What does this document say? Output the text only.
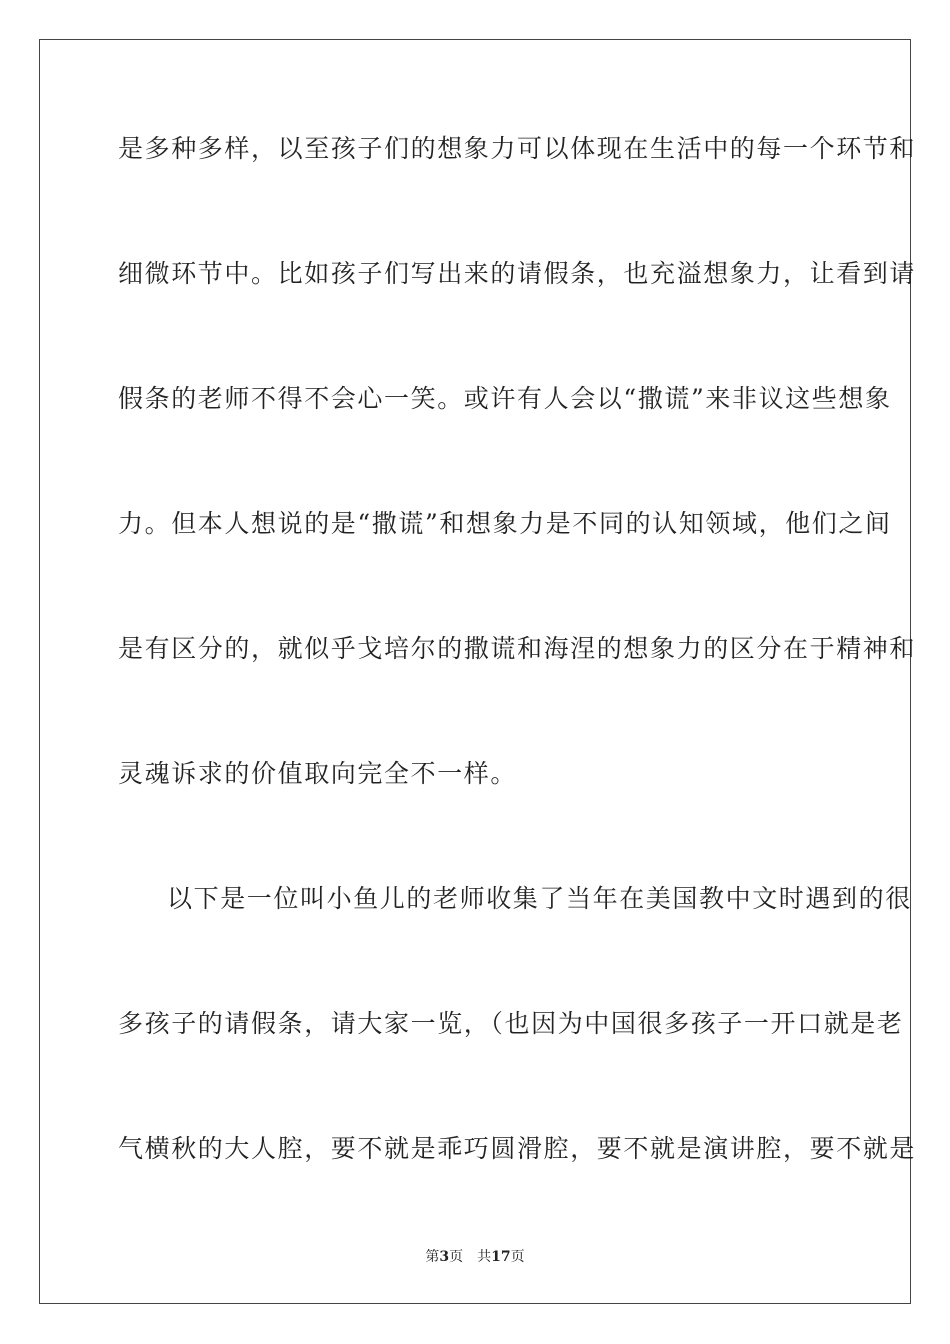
是多种多样，以至孩子们的想象力可以体现在生活中的每一个环节和
细微环节中。比如孩子们写出来的请假条，也充溢想象力，让看到请
假条的老师不得不会心一笑。或许有人会以“撒谎”来非议这些想象
力。但本人想说的是“撒谎”和想象力是不同的认知领域，他们之间
是有区分的，就似乎戈培尔的撒谎和海涅的想象力的区分在于精神和
灵魂诉求的价值取向完全不一样。
以下是一位叫小鱼儿的老师收集了当年在美国教中文时遇到的很
多孩子的请假条，请大家一览，（也因为中国很多孩子一开口就是老
气横秋的大人腔，要不就是乖巧圆滑腔，要不就是演讲腔，要不就是
第3页 共17页
